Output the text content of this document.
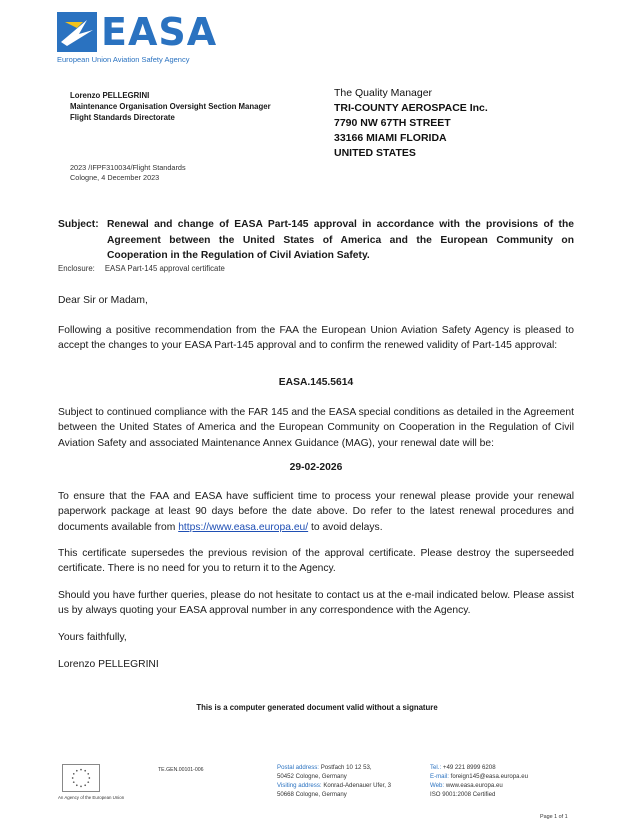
EASA
European Union Aviation Safety Agency
Lorenzo PELLEGRINI
Maintenance Organisation Oversight Section Manager
Flight Standards Directorate
2023 /IFPF310034/Flight Standards
Cologne, 4 December 2023
The Quality Manager
TRI-COUNTY AEROSPACE Inc.
7790 NW 67TH STREET
33166 MIAMI FLORIDA
UNITED STATES
Subject: Renewal and change of EASA Part-145 approval in accordance with the provisions of the Agreement between the United States of America and the European Community on Cooperation in the Regulation of Civil Aviation Safety.
Enclosure: EASA Part-145 approval certificate
Dear Sir or Madam,
Following a positive recommendation from the FAA the European Union Aviation Safety Agency is pleased to accept the changes to your EASA Part-145 approval and to confirm the renewed validity of Part-145 approval:
EASA.145.5614
Subject to continued compliance with the FAR 145 and the EASA special conditions as detailed in the Agreement between the United States of America and the European Community on Cooperation in the Regulation of Civil Aviation Safety and associated Maintenance Annex Guidance (MAG), your renewal date will be:
29-02-2026
To ensure that the FAA and EASA have sufficient time to process your renewal please provide your renewal paperwork package at least 90 days before the date above. Do refer to the latest renewal procedures and documents available from https://www.easa.europa.eu/ to avoid delays.
This certificate supersedes the previous revision of the approval certificate. Please destroy the superseeded certificate. There is no need for you to return it to the Agency.
Should you have further queries, please do not hesitate to contact us at the e-mail indicated below. Please assist us by always quoting your EASA approval number in any correspondence with the Agency.
Yours faithfully,
Lorenzo PELLEGRINI
This is a computer generated document valid without a signature
An Agency of the European Union
TE.GEN.00101-006	Postal address: Postfach 10 12 53,
50452 Cologne, Germany
Visiting address: Konrad-Adenauer Ufer, 3
50668 Cologne, Germany
Tel.: +49 221 8999 6208
E-mail: foreign145@easa.europa.eu
Web: www.easa.europa.eu
ISO 9001:2008 Certified
Page 1 of 1
